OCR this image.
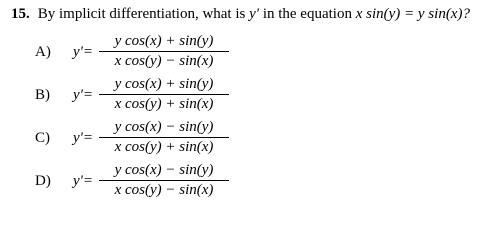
15. By implicit differentiation, what is y′ in the equation x sin(y) = y sin(x)?
A) y'=
y cos(x) + sin(y)
x cos(y) − sin(x)
B) y'=
y cos(x) + sin(y)
x cos(y) + sin(x)
C) y'=
y cos(x) − sin(y)
x cos(y) + sin(x)
D) y'=
y cos(x) − sin(y)
x cos(y) − sin(x)
